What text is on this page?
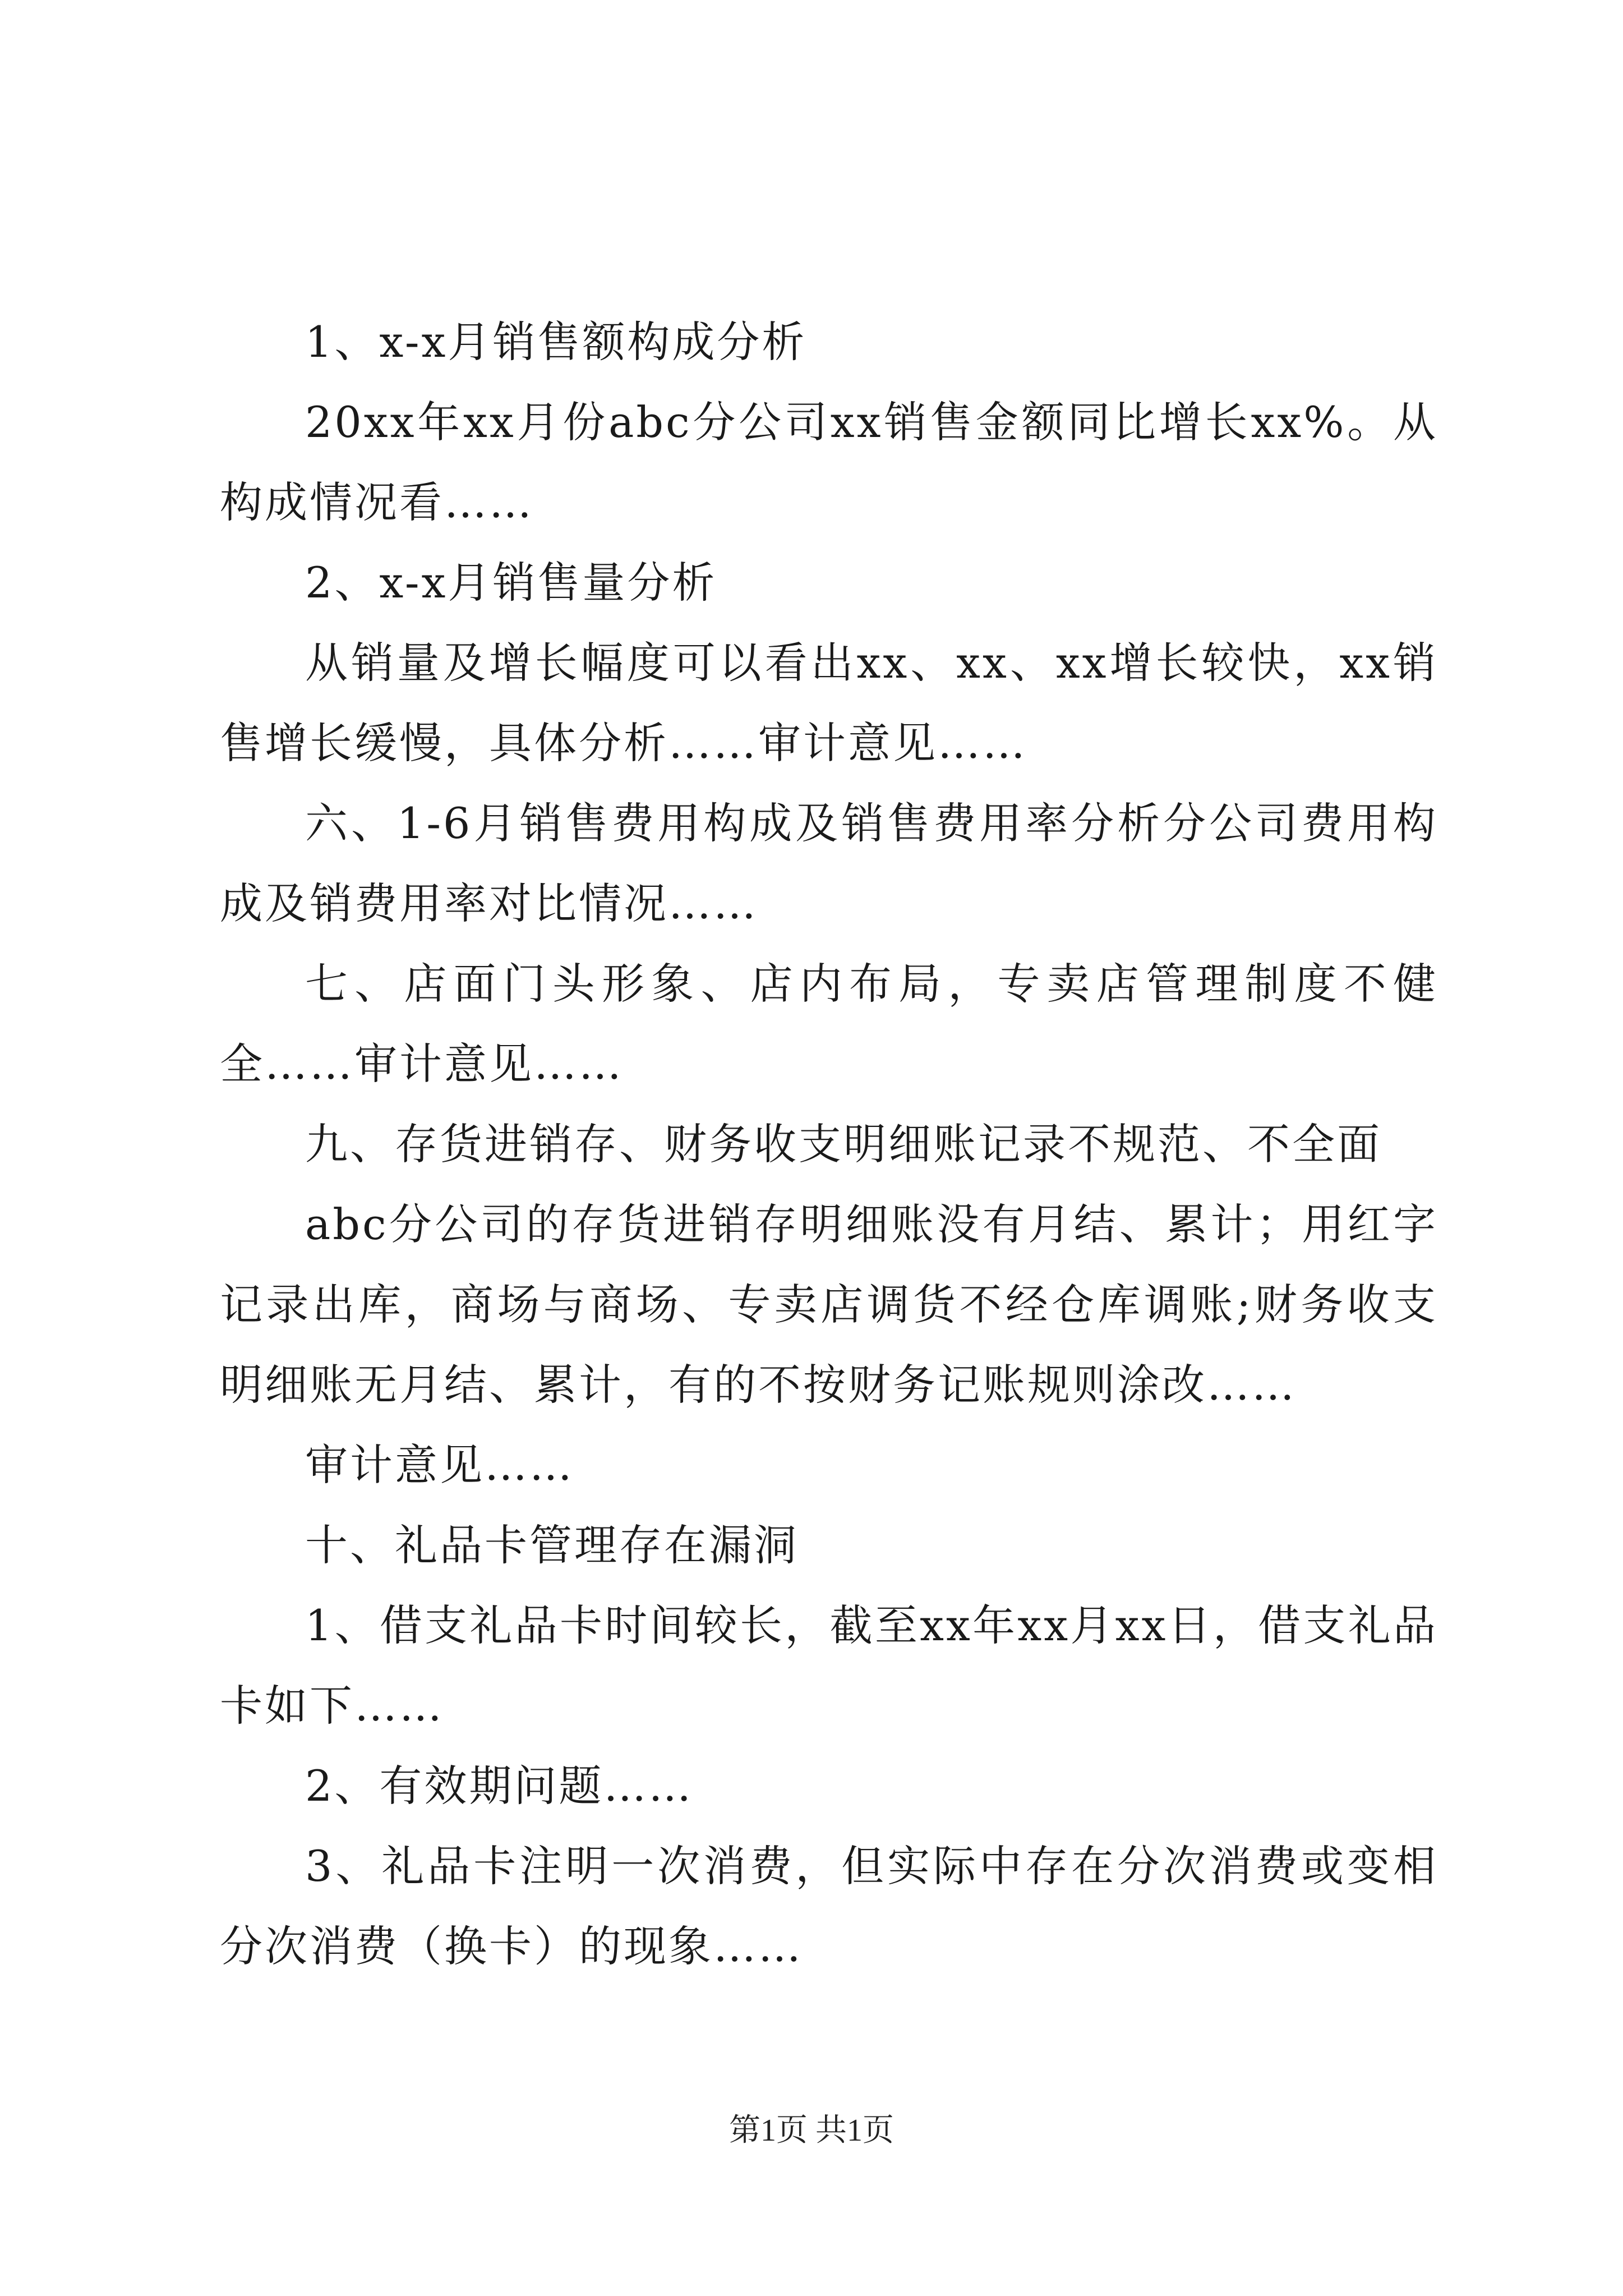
1、x-x月销售额构成分析

20xx年xx月份abc分公司xx销售金额同比增长xx%。从构成情况看……

2、x-x月销售量分析

从销量及增长幅度可以看出xx、xx、xx增长较快，xx销售增长缓慢，具体分析……审计意见……

六、1-6月销售费用构成及销售费用率分析分公司费用构成及销费用率对比情况……

七、店面门头形象、店内布局，专卖店管理制度不健全……审计意见……

九、存货进销存、财务收支明细账记录不规范、不全面

abc分公司的存货进销存明细账没有月结、累计；用红字记录出库，商场与商场、专卖店调货不经仓库调账;财务收支明细账无月结、累计，有的不按财务记账规则涂改……

审计意见……

十、礼品卡管理存在漏洞

1、借支礼品卡时间较长，截至xx年xx月xx日，借支礼品卡如下……

2、有效期问题……

3、礼品卡注明一次消费，但实际中存在分次消费或变相分次消费（换卡）的现象……

第1页 共1页
